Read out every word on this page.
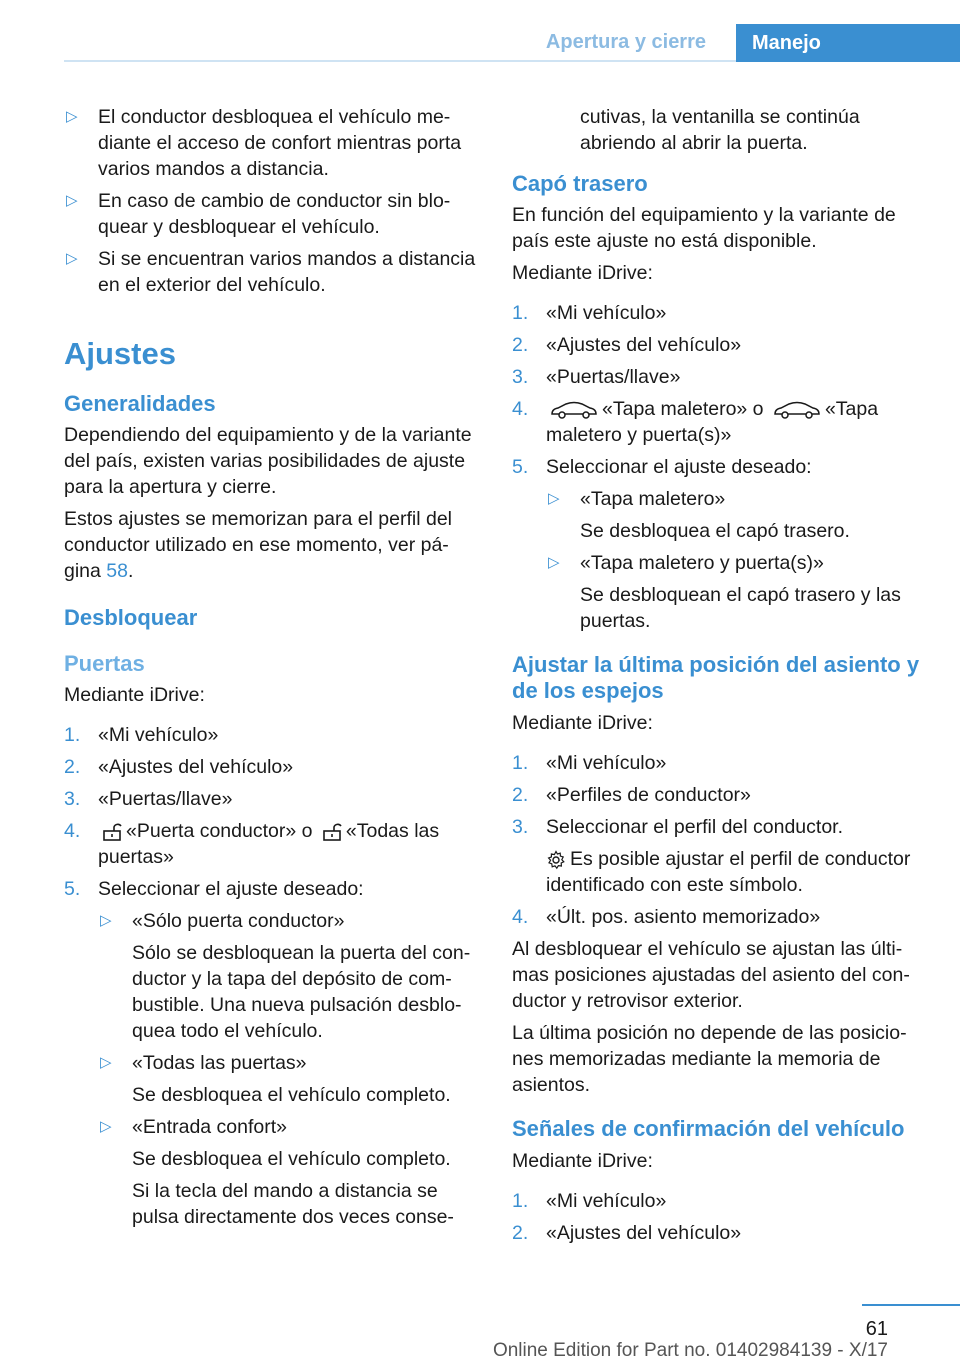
Apertura y cierre	Manejo
▷ El conductor desbloquea el vehículo me-diante el acceso de confort mientras porta varios mandos a distancia.
▷ En caso de cambio de conductor sin blo-quear y desbloquear el vehículo.
▷ Si se encuentran varios mandos a distancia en el exterior del vehículo.
Ajustes
Generalidades
Dependiendo del equipamiento y de la variante del país, existen varias posibilidades de ajuste para la apertura y cierre.
Estos ajustes se memorizan para el perfil del conductor utilizado en ese momento, ver pá-gina 58.
Desbloquear
Puertas
Mediante iDrive:
1. «Mi vehículo»
2. «Ajustes del vehículo»
3. «Puertas/llave»
4. «Puerta conductor» o «Todas las puertas»
5. Seleccionar el ajuste deseado:
▷ «Sólo puerta conductor»
Sólo se desbloquean la puerta del con-ductor y la tapa del depósito de com-bustible. Una nueva pulsación desblo-quea todo el vehículo.
▷ «Todas las puertas»
Se desbloquea el vehículo completo.
▷ «Entrada confort»
Se desbloquea el vehículo completo.
Si la tecla del mando a distancia se pulsa directamente dos veces conse-
cutivas, la ventanilla se continúa abriendo al abrir la puerta.
Capó trasero
En función del equipamiento y la variante de país este ajuste no está disponible.
Mediante iDrive:
1. «Mi vehículo»
2. «Ajustes del vehículo»
3. «Puertas/llave»
4.	«Tapa maletero» o	«Tapa maletero y puerta(s)»
5. Seleccionar el ajuste deseado:
▷ «Tapa maletero»
Se desbloquea el capó trasero.
▷ «Tapa maletero y puerta(s)»
Se desbloquean el capó trasero y las puertas.
Ajustar la última posición del asiento y de los espejos
Mediante iDrive:
1. «Mi vehículo»
2. «Perfiles de conductor»
3. Seleccionar el perfil del conductor.
Es posible ajustar el perfil de conductor identificado con este símbolo.
4. «Últ. pos. asiento memorizado»
Al desbloquear el vehículo se ajustan las últi-mas posiciones ajustadas del asiento del con-ductor y retrovisor exterior.
La última posición no depende de las posicio-nes memorizadas mediante la memoria de asientos.
Señales de confirmación del vehículo
Mediante iDrive:
1. «Mi vehículo»
2. «Ajustes del vehículo»
61
Online Edition for Part no. 01402984139 - X/17
